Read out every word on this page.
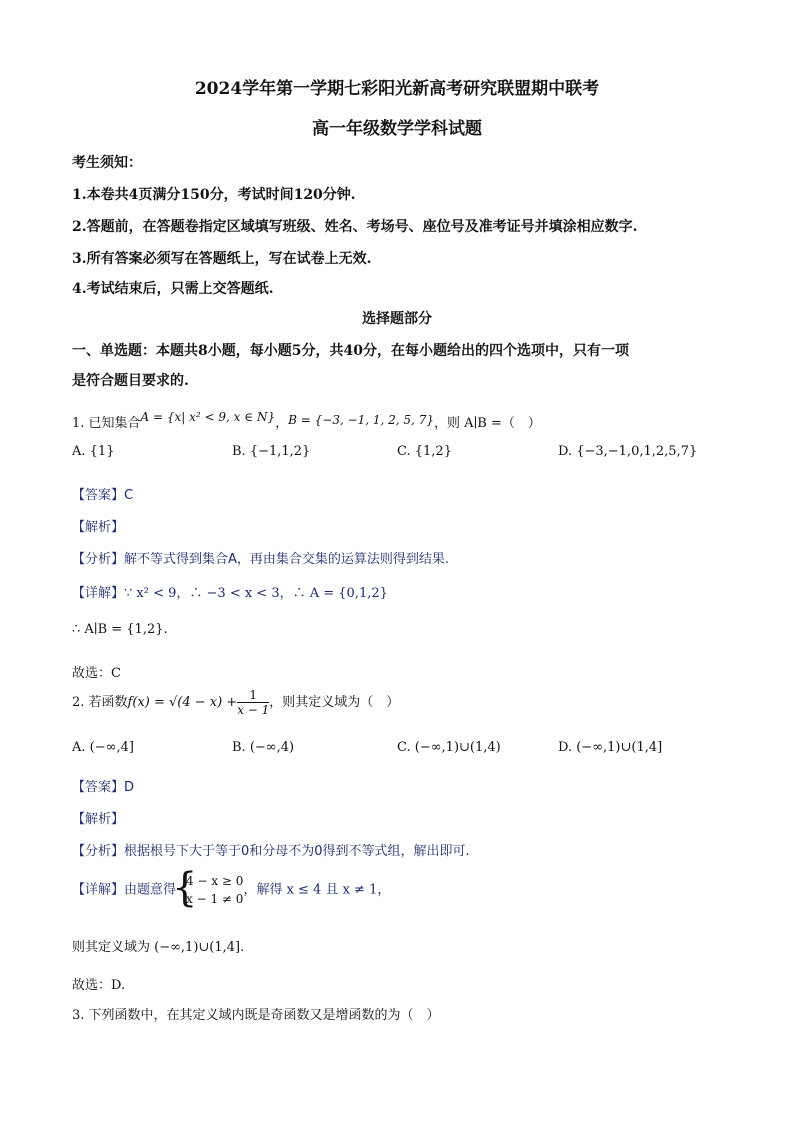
2024学年第一学期七彩阳光新高考研究联盟期中联考
高一年级数学学科试题
考生须知：
1.本卷共4页满分150分，考试时间120分钟.
2.答题前，在答题卷指定区域填写班级、姓名、考场号、座位号及准考证号并填涂相应数字.
3.所有答案必须写在答题纸上，写在试卷上无效.
4.考试结束后，只需上交答题纸.
选择题部分
一、单选题：本题共8小题，每小题5分，共40分，在每小题给出的四个选项中，只有一项
是符合题目要求的.
1. 已知集合A = {x| x² < 9, x ∈ N}，B = {−3, −1, 1, 2, 5, 7}，则 A∣B =（　）
A. {1}	B. {−1,1,2}	C. {1,2}	D. {−3,−1,0,1,2,5,7}
【答案】C
【解析】
【分析】解不等式得到集合A，再由集合交集的运算法则得到结果.
【详解】∵ x² < 9，∴ −3 < x < 3，∴ A = {0,1,2}
∴ A∣B = {1,2}.
故选：C
2. 若函数$f(x) = √(4 - x) + \frac{1}{x - 1}$ ，则其定义域为（　）
A. (−∞,4]	B. (−∞,4)	C. (−∞,1)∪(1,4)	D. (−∞,1)∪(1,4]
【答案】D
【解析】
【分析】根据根号下大于等于0和分母不为0得到不等式组，解出即可.
【详解】由题意得
{ 4 − x ≥ 0
x − 1 ≠ 0
，解得 x ≤ 4 且 x ≠ 1，
则其定义域为 (−∞,1)∪(1,4].
故选：D.
3. 下列函数中，在其定义域内既是奇函数又是增函数的为（　）
